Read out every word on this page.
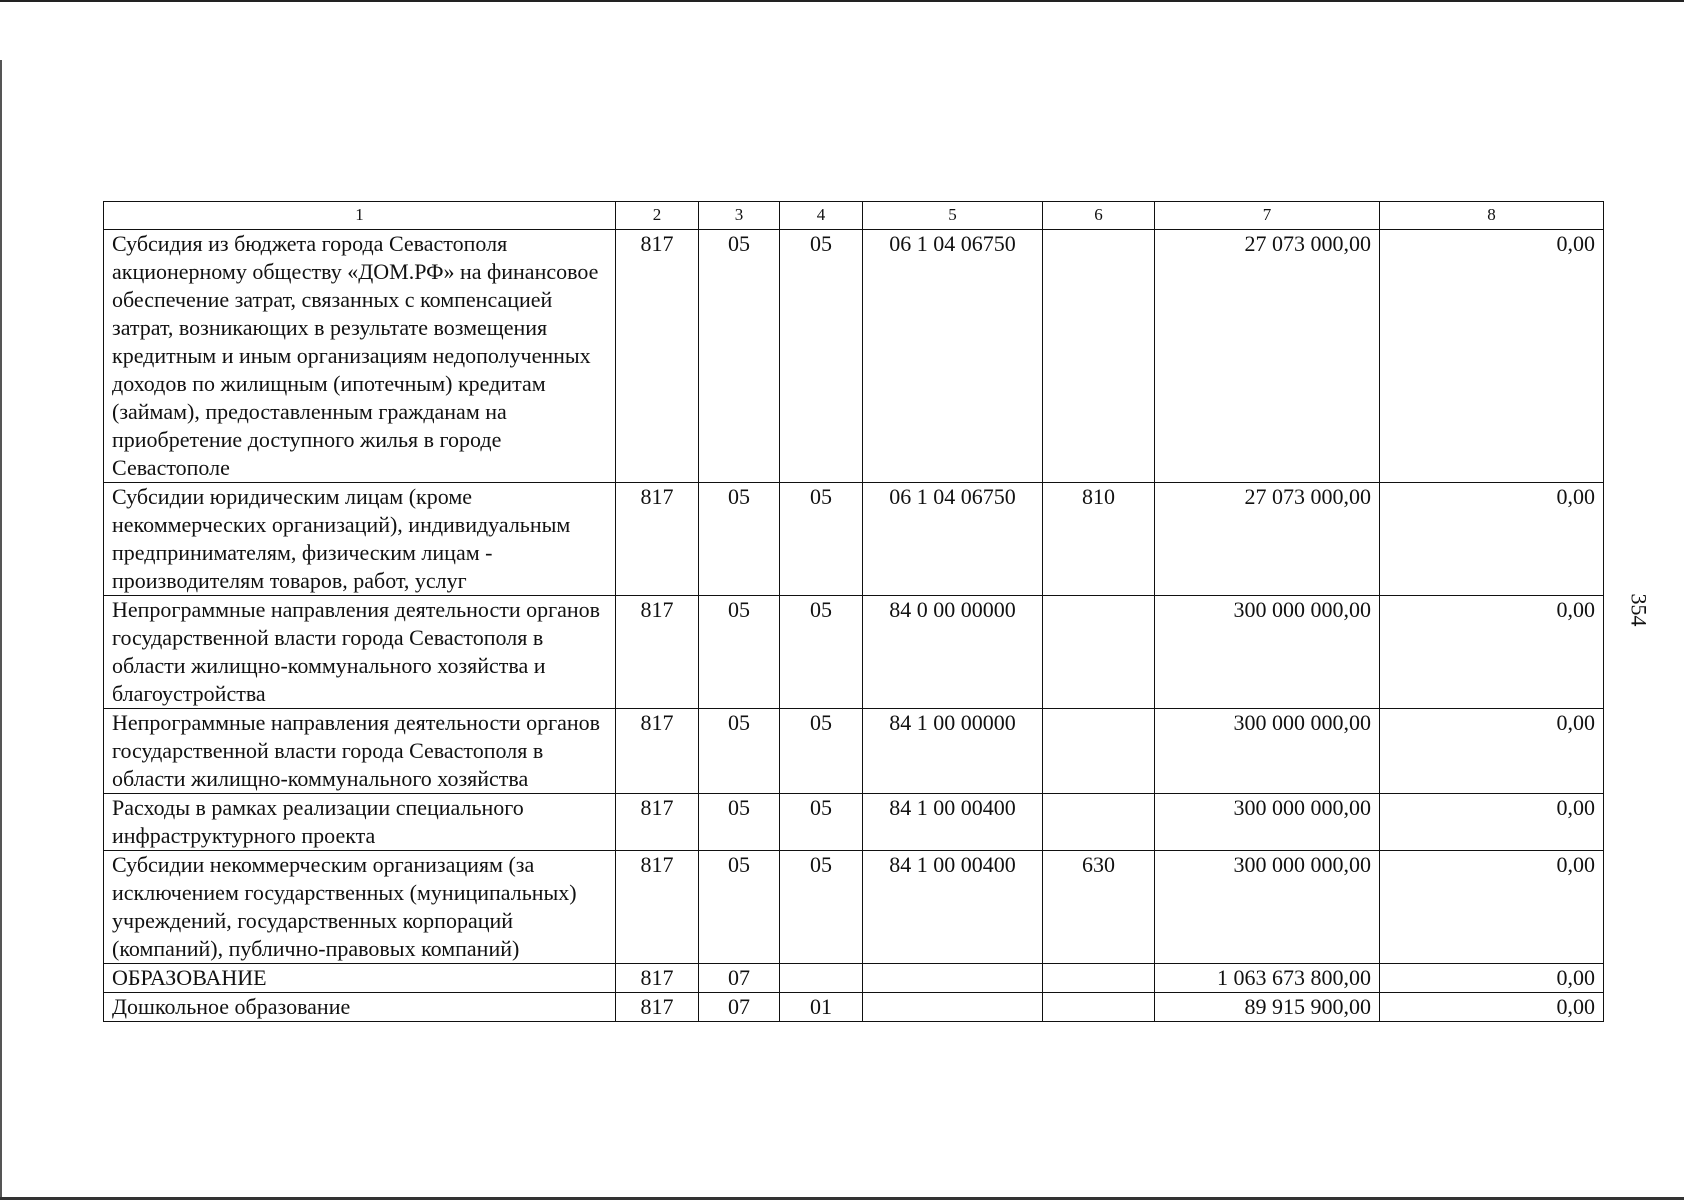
354
1	2	3	4	5	6	7	8
Субсидия из бюджета города Севастополя акционерному обществу «ДОМ.РФ» на финансовое обеспечение затрат, связанных с компенсацией затрат, возникающих в результате возмещения кредитным и иным организациям недополученных доходов по жилищным (ипотечным) кредитам (займам), предоставленным гражданам на приобретение доступного жилья в городе Севастополе	817	05	05	06 1 04 06750		27 073 000,00	0,00
Субсидии юридическим лицам (кроме некоммерческих организаций), индивидуальным предпринимателям, физическим лицам - производителям товаров, работ, услуг	817	05	05	06 1 04 06750	810	27 073 000,00	0,00
Непрограммные направления деятельности органов государственной власти города Севастополя в области жилищно-коммунального хозяйства и благоустройства	817	05	05	84 0 00 00000		300 000 000,00	0,00
Непрограммные направления деятельности органов государственной власти города Севастополя в области жилищно-коммунального хозяйства	817	05	05	84 1 00 00000		300 000 000,00	0,00
Расходы в рамках реализации специального инфраструктурного проекта	817	05	05	84 1 00 00400		300 000 000,00	0,00
Субсидии некоммерческим организациям (за исключением государственных (муниципальных) учреждений, государственных корпораций (компаний), публично-правовых компаний)	817	05	05	84 1 00 00400	630	300 000 000,00	0,00
ОБРАЗОВАНИЕ	817	07				1 063 673 800,00	0,00
Дошкольное образование	817	07	01			89 915 900,00	0,00
